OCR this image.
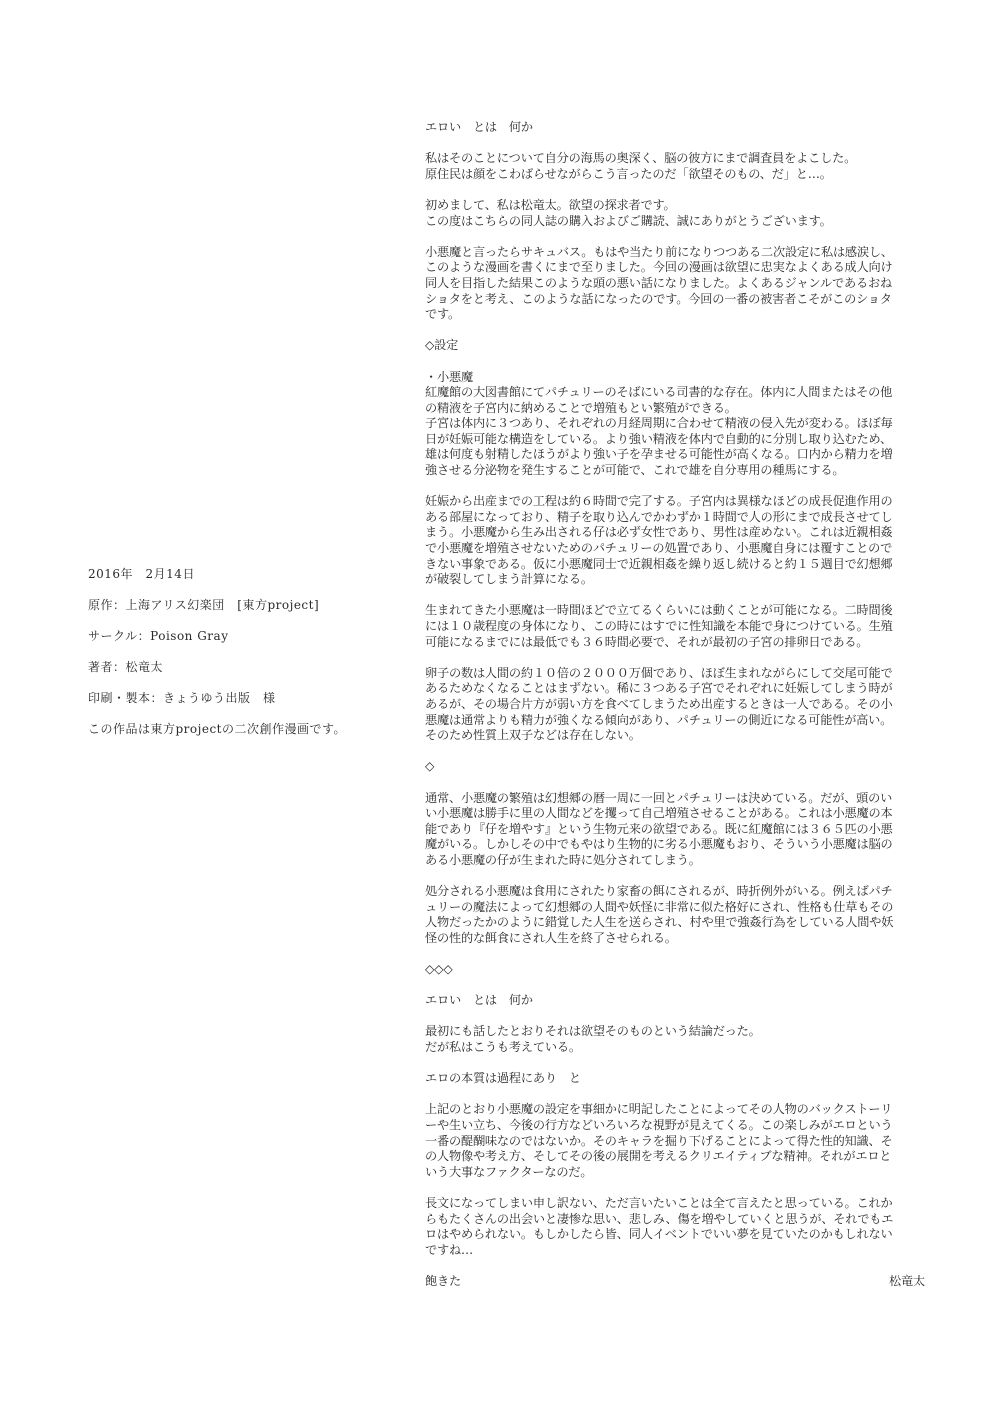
2016年　2月14日

原作：上海アリス幻楽団　[東方project]

サークル：Poison Gray

著者：松竜太

印刷・製本：きょうゆう出版　様

この作品は東方projectの二次創作漫画です。

エロい　とは　何か

私はそのことについて自分の海馬の奥深く、脳の彼方にまで調査員をよこした。
原住民は顔をこわばらせながらこう言ったのだ「欲望そのもの、だ」と…。

初めまして、私は松竜太。欲望の探求者です。
この度はこちらの同人誌の購入およびご購読、誠にありがとうございます。

小悪魔と言ったらサキュバス。もはや当たり前になりつつある二次設定に私は感涙し、
このような漫画を書くにまで至りました。今回の漫画は欲望に忠実なよくある成人向け
同人を目指した結果このような頭の悪い話になりました。よくあるジャンルであるおね
ショタをと考え、このような話になったのです。今回の一番の被害者こそがこのショタ
です。

◇設定

・小悪魔
紅魔館の大図書館にてパチュリーのそばにいる司書的な存在。体内に人間またはその他
の精液を子宮内に納めることで増殖もとい繁殖ができる。
子宮は体内に３つあり、それぞれの月経周期に合わせて精液の侵入先が変わる。ほぼ毎
日が妊娠可能な構造をしている。より強い精液を体内で自動的に分別し取り込むため、
雄は何度も射精したほうがより強い子を孕ませる可能性が高くなる。口内から精力を増
強させる分泌物を発生することが可能で、これで雄を自分専用の種馬にする。

妊娠から出産までの工程は約６時間で完了する。子宮内は異様なほどの成長促進作用の
ある部屋になっており、精子を取り込んでかわずか１時間で人の形にまで成長させてし
まう。小悪魔から生み出される仔は必ず女性であり、男性は産めない。これは近親相姦
で小悪魔を増殖させないためのパチュリーの処置であり、小悪魔自身には覆すことので
きない事象である。仮に小悪魔同士で近親相姦を繰り返し続けると約１５週目で幻想郷
が破裂してしまう計算になる。

生まれてきた小悪魔は一時間ほどで立てるくらいには動くことが可能になる。二時間後
には１０歳程度の身体になり、この時にはすでに性知識を本能で身につけている。生殖
可能になるまでには最低でも３６時間必要で、それが最初の子宮の排卵日である。

卵子の数は人間の約１０倍の２０００万個であり、ほぼ生まれながらにして交尾可能で
あるためなくなることはまずない。稀に３つある子宮でそれぞれに妊娠してしまう時が
あるが、その場合片方が弱い方を食べてしまうため出産するときは一人である。その小
悪魔は通常よりも精力が強くなる傾向があり、パチュリーの側近になる可能性が高い。
そのため性質上双子などは存在しない。

◇

通常、小悪魔の繁殖は幻想郷の暦一周に一回とパチュリーは決めている。だが、頭のい
い小悪魔は勝手に里の人間などを攫って自己増殖させることがある。これは小悪魔の本
能であり『仔を増やす』という生物元来の欲望である。既に紅魔館には３６５匹の小悪
魔がいる。しかしその中でもやはり生物的に劣る小悪魔もおり、そういう小悪魔は脳の
ある小悪魔の仔が生まれた時に処分されてしまう。

処分される小悪魔は食用にされたり家畜の餌にされるが、時折例外がいる。例えばパチ
ュリーの魔法によって幻想郷の人間や妖怪に非常に似た格好にされ、性格も仕草もその
人物だったかのように錯覚した人生を送らされ、村や里で強姦行為をしている人間や妖
怪の性的な餌食にされ人生を終了させられる。

◇◇◇

エロい　とは　何か

最初にも話したとおりそれは欲望そのものという結論だった。
だが私はこうも考えている。

エロの本質は過程にあり　と

上記のとおり小悪魔の設定を事細かに明記したことによってその人物のバックストーリ
ーや生い立ち、今後の行方などいろいろな視野が見えてくる。この楽しみがエロという
一番の醍醐味なのではないか。そのキャラを掘り下げることによって得た性的知識、そ
の人物像や考え方、そしてその後の展開を考えるクリエイティブな精神。それがエロと
いう大事なファクターなのだ。

長文になってしまい申し訳ない、ただ言いたいことは全て言えたと思っている。これか
らもたくさんの出会いと凄惨な思い、悲しみ、傷を増やしていくと思うが、それでもエ
ロはやめられない。もしかしたら皆、同人イベントでいい夢を見ていたのかもしれない
ですね…

飽きた	松竜太
